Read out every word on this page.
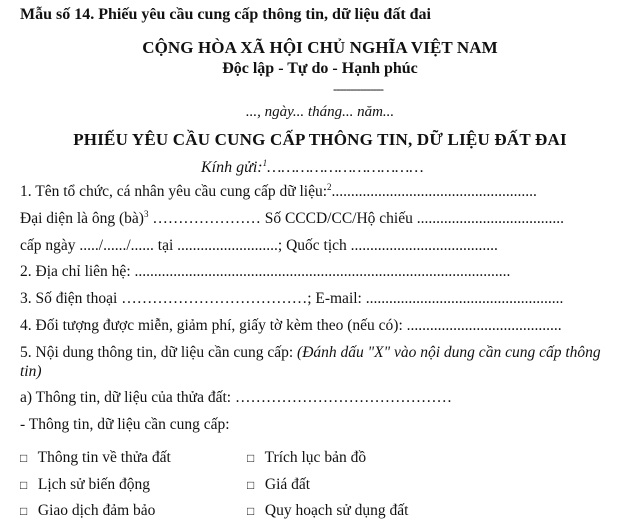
Mẫu số 14. Phiếu yêu cầu cung cấp thông tin, dữ liệu đất đai
CỘNG HÒA XÃ HỘI CHỦ NGHĨA VIỆT NAM
Độc lập - Tự do - Hạnh phúc
---------------
..., ngày... tháng... năm...
PHIẾU YÊU CẦU CUNG CẤP THÔNG TIN, DỮ LIỆU ĐẤT ĐAI
Kính gửi:$^1$……………………………
1. Tên tổ chức, cá nhân yêu cầu cung cấp dữ liệu:$^2$.....................................................
Đại diện là ông (bà)$^3$ ………………… Số CCCD/CC/Hộ chiếu ......................................
cấp ngày ...../....../...... tại ..........................; Quốc tịch ......................................
2. Địa chỉ liên hệ: .................................................................................................
3. Số điện thoại ………………………………; E-mail: ...................................................
4. Đối tượng được miễn, giảm phí, giấy tờ kèm theo (nếu có): ........................................
5. Nội dung thông tin, dữ liệu cần cung cấp: (Đánh dấu "X" vào nội dung cần cung cấp thông tin)
a) Thông tin, dữ liệu của thửa đất: ……………………………………
- Thông tin, dữ liệu cần cung cấp:
□ Thông tin về thửa đất	□ Trích lục bản đồ
□ Lịch sử biến động	□ Giá đất
□ Giao dịch đảm bảo	□ Quy hoạch sử dụng đất
